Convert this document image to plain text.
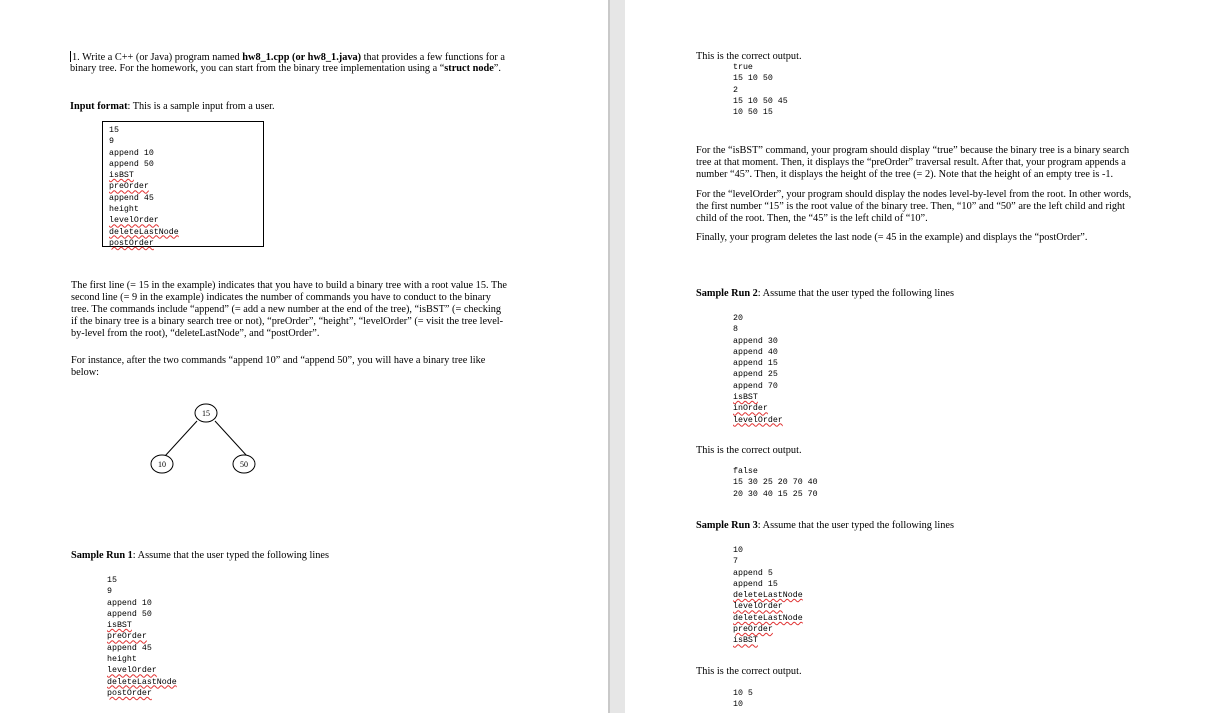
1. Write a C++ (or Java) program named hw8_1.cpp (or hw8_1.java) that provides a few functions for a
binary tree. For the homework, you can start from the binary tree implementation using a “struct node”.
Input format: This is a sample input from a user.
15
9
append 10
append 50
isBST
preOrder
append 45
height
levelOrder
deleteLastNode
postOrder
The first line (= 15 in the example) indicates that you have to build a binary tree with a root value 15. The
second line (= 9 in the example) indicates the number of commands you have to conduct to the binary
tree. The commands include “append” (= add a new number at the end of the tree), “isBST” (= checking
if the binary tree is a binary search tree or not), “preOrder”, “height”, “levelOrder” (= visit the tree level-
by-level from the root), “deleteLastNode”, and “postOrder”.
For instance, after the two commands “append 10” and “append 50”, you will have a binary tree like
below:
15
10	50
Sample Run 1: Assume that the user typed the following lines
15
9
append 10
append 50
isBST
preOrder
append 45
height
levelOrder
deleteLastNode
postOrder
This is the correct output.
true
15 10 50
2
15 10 50 45
10 50 15
For the “isBST” command, your program should display “true” because the binary tree is a binary search
tree at that moment. Then, it displays the “preOrder” traversal result. After that, your program appends a
number “45”. Then, it displays the height of the tree (= 2). Note that the height of an empty tree is -1.
For the “levelOrder”, your program should display the nodes level-by-level from the root. In other words,
the first number “15” is the root value of the binary tree. Then, “10” and “50” are the left child and right
child of the root. Then, the “45” is the left child of “10”.
Finally, your program deletes the last node (= 45 in the example) and displays the “postOrder”.
Sample Run 2: Assume that the user typed the following lines
20
8
append 30
append 40
append 15
append 25
append 70
isBST
inOrder
levelOrder
This is the correct output.
false
15 30 25 20 70 40
20 30 40 15 25 70
Sample Run 3: Assume that the user typed the following lines
10
7
append 5
append 15
deleteLastNode
levelOrder
deleteLastNode
preOrder
isBST
This is the correct output.
10 5
10
